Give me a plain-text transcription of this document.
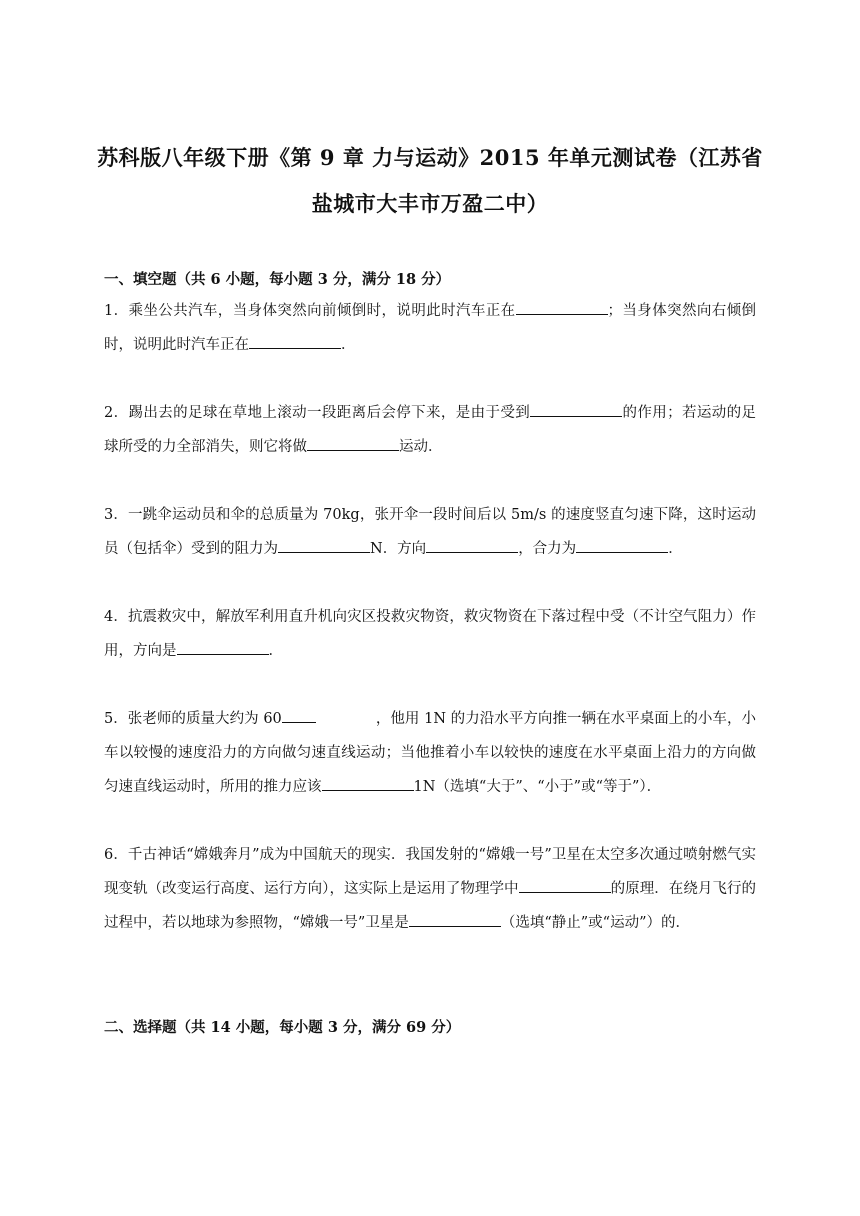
苏科版八年级下册《第 9 章 力与运动》2015 年单元测试卷（江苏省
盐城市大丰市万盈二中）
一、填空题（共 6 小题，每小题 3 分，满分 18 分）
1．乘坐公共汽车，当身体突然向前倾倒时，说明此时汽车正在	；当身体突然向右倾倒时，说明此时汽车正在	．
2．踢出去的足球在草地上滚动一段距离后会停下来，是由于受到	的作用；若运动的足球所受的力全部消失，则它将做	运动．
3．一跳伞运动员和伞的总质量为 70kg，张开伞一段时间后以 5m/s 的速度竖直匀速下降，这时运动员（包括伞）受到的阻力为	N．方向	，合力为	．
4．抗震救灾中，解放军利用直升机向灾区投救灾物资，救灾物资在下落过程中受（不计空气阻力）作用，方向是	．
5．张老师的质量大约为 60	，他用 1N 的力沿水平方向推一辆在水平桌面上的小车，小车以较慢的速度沿力的方向做匀速直线运动；当他推着小车以较快的速度在水平桌面上沿力的方向做匀速直线运动时，所用的推力应该	1N（选填“大于”、“小于”或“等于”）．
6．千古神话“嫦娥奔月”成为中国航天的现实．我国发射的“嫦娥一号”卫星在太空多次通过喷射燃气实现变轨（改变运行高度、运行方向），这实际上是运用了物理学中	的原理．在绕月飞行的过程中，若以地球为参照物，“嫦娥一号”卫星是	（选填“静止”或“运动”）的．
二、选择题（共 14 小题，每小题 3 分，满分 69 分）
